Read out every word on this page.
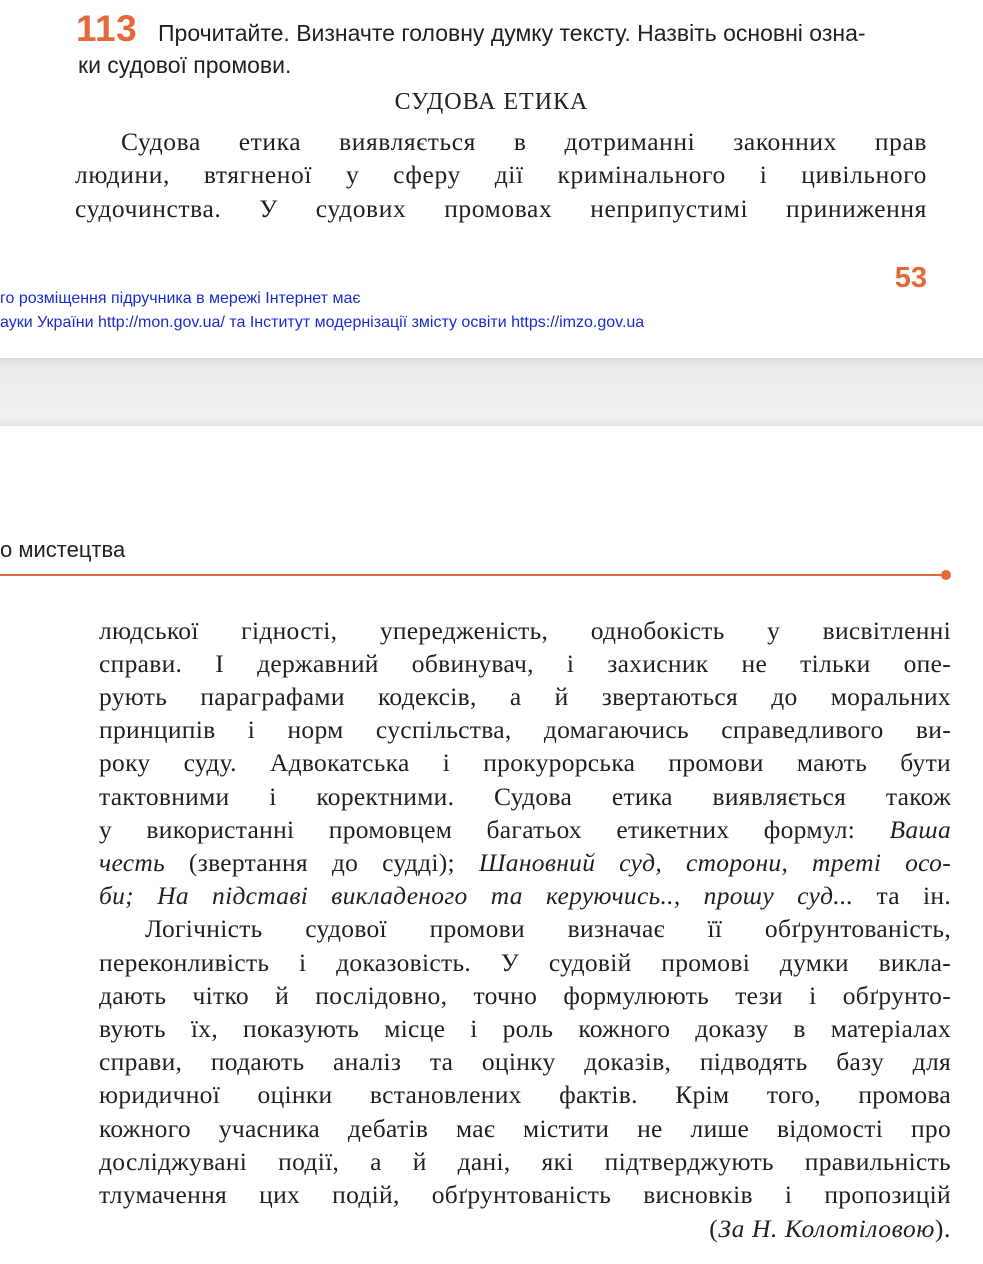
113 Прочитайте. Визначте головну думку тексту. Назвіть основні озна-
ки судової промови.
СУДОВА ЕТИКА
Судова етика виявляється в дотриманні законних прав
людини, втягненої у сферу дії кримінального і цивільного
судочинства. У судових промовах неприпустимі приниження
53
го розміщення підручника в мережі Інтернет має
ауки України http://mon.gov.ua/ та Інститут модернізації змісту освіти https://imzo.gov.ua
о мистецтва
людської гідності, упередженість, однобокість у висвітленні
справи. І державний обвинувач, і захисник не тільки опе-
рують параграфами кодексів, а й звертаються до моральних
принципів і норм суспільства, домагаючись справедливого ви-
року суду. Адвокатська і прокурорська промови мають бути
тактовними і коректними. Судова етика виявляється також
у використанні промовцем багатьох етикетних формул: Ваша
честь (звертання до судді); Шановний суд, сторони, треті осо-
би; На підставі викладеного та керуючись.., прошу суд... та ін.
Логічність судової промови визначає її обґрунтованість,
переконливість і доказовість. У судовій промові думки викла-
дають чітко й послідовно, точно формулюють тези і обґрунто-
вують їх, показують місце і роль кожного доказу в матеріалах
справи, подають аналіз та оцінку доказів, підводять базу для
юридичної оцінки встановлених фактів. Крім того, промова
кожного учасника дебатів має містити не лише відомості про
досліджувані події, а й дані, які підтверджують правильність
тлумачення цих подій, обґрунтованість висновків і пропозицій
(За Н. Колотіловою).
